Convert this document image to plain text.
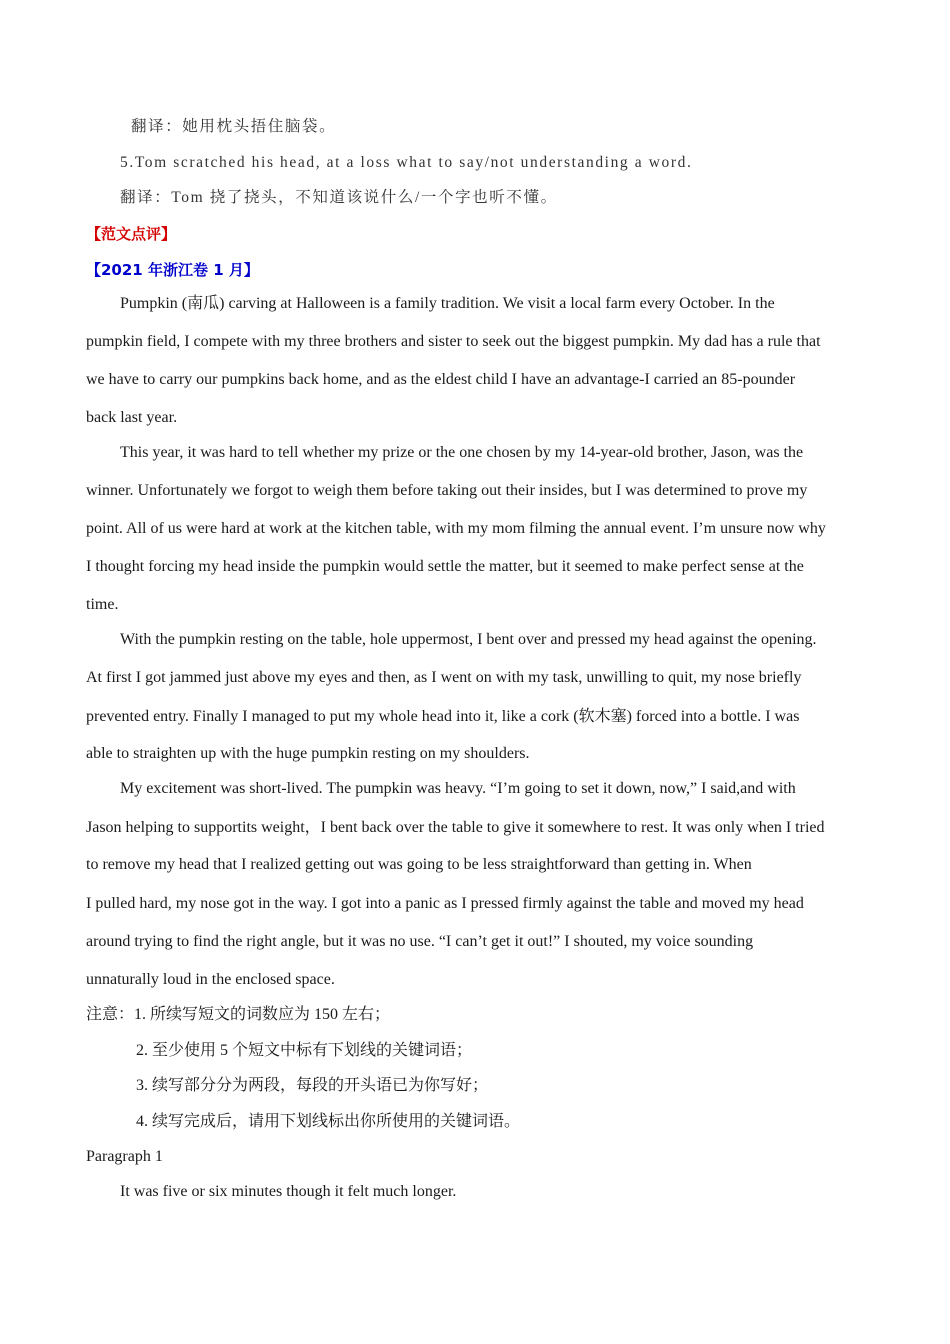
翻译：她用枕头捂住脑袋。
5.Tom scratched his head, at a loss what to say/not understanding a word.
翻译：Tom 挠了挠头，不知道该说什么/一个字也听不懂。
【范文点评】
【2021 年浙江卷 1 月】
Pumpkin (南瓜) carving at Halloween is a family tradition. We visit a local farm every October. In the
pumpkin field, I compete with my three brothers and sister to seek out the biggest pumpkin. My dad has a rule that
we have to carry our pumpkins back home, and as the eldest child I have an advantage-I carried an 85-pounder
back last year.
This year, it was hard to tell whether my prize or the one chosen by my 14-year-old brother, Jason, was the
winner. Unfortunately we forgot to weigh them before taking out their insides, but I was determined to prove my
point. All of us were hard at work at the kitchen table, with my mom filming the annual event. I’m unsure now why
I thought forcing my head inside the pumpkin would settle the matter, but it seemed to make perfect sense at the
time.
With the pumpkin resting on the table, hole uppermost, I bent over and pressed my head against the opening.
At first I got jammed just above my eyes and then, as I went on with my task, unwilling to quit, my nose briefly
prevented entry. Finally I managed to put my whole head into it, like a cork (软木塞) forced into a bottle. I was
able to straighten up with the huge pumpkin resting on my shoulders.
My excitement was short-lived. The pumpkin was heavy. “I’m going to set it down, now,” I said,and with
Jason helping to supportits weight，I bent back over the table to give it somewhere to rest. It was only when I tried
to remove my head that I realized getting out was going to be less straightforward than getting in. When
I pulled hard, my nose got in the way. I got into a panic as I pressed firmly against the table and moved my head
around trying to find the right angle, but it was no use. “I can’t get it out!” I shouted, my voice sounding
unnaturally loud in the enclosed space.
注意：1. 所续写短文的词数应为 150 左右；
2. 至少使用 5 个短文中标有下划线的关键词语；
3. 续写部分分为两段，每段的开头语已为你写好；
4. 续写完成后，请用下划线标出你所使用的关键词语。
Paragraph 1
It was five or six minutes though it felt much longer.
